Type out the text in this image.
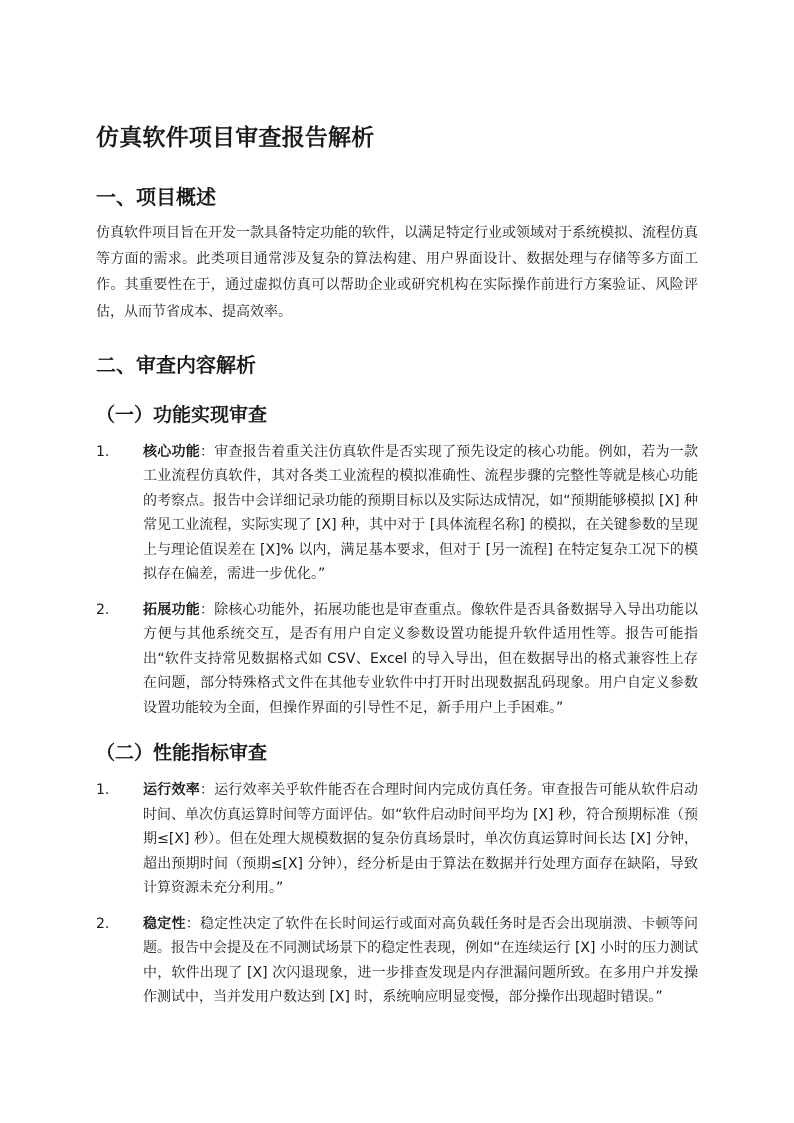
仿真软件项目审查报告解析
一、项目概述

仿真软件项目旨在开发一款具备特定功能的软件，以满足特定行业或领域对于系统模拟、流程仿真等方面的需求。此类项目通常涉及复杂的算法构建、用户界面设计、数据处理与存储等多方面工作。其重要性在于，通过虚拟仿真可以帮助企业或研究机构在实际操作前进行方案验证、风险评估，从而节省成本、提高效率。

二、审查内容解析
（一）功能实现审查
1.	核心功能：审查报告着重关注仿真软件是否实现了预先设定的核心功能。例如，若为一款工业流程仿真软件，其对各类工业流程的模拟准确性、流程步骤的完整性等就是核心功能的考察点。报告中会详细记录功能的预期目标以及实际达成情况，如“预期能够模拟 [X] 种常见工业流程，实际实现了 [X] 种，其中对于 [具体流程名称] 的模拟，在关键参数的呈现上与理论值误差在 [X]% 以内，满足基本要求，但对于 [另一流程] 在特定复杂工况下的模拟存在偏差，需进一步优化。”
2.	拓展功能：除核心功能外，拓展功能也是审查重点。像软件是否具备数据导入导出功能以方便与其他系统交互，是否有用户自定义参数设置功能提升软件适用性等。报告可能指出“软件支持常见数据格式如 CSV、Excel 的导入导出，但在数据导出的格式兼容性上存在问题，部分特殊格式文件在其他专业软件中打开时出现数据乱码现象。用户自定义参数设置功能较为全面，但操作界面的引导性不足，新手用户上手困难。”
（二）性能指标审查
1.	运行效率：运行效率关乎软件能否在合理时间内完成仿真任务。审查报告可能从软件启动时间、单次仿真运算时间等方面评估。如“软件启动时间平均为 [X] 秒，符合预期标准（预期≤[X] 秒）。但在处理大规模数据的复杂仿真场景时，单次仿真运算时间长达 [X] 分钟，超出预期时间（预期≤[X] 分钟），经分析是由于算法在数据并行处理方面存在缺陷，导致计算资源未充分利用。”
2.	稳定性：稳定性决定了软件在长时间运行或面对高负载任务时是否会出现崩溃、卡顿等问题。报告中会提及在不同测试场景下的稳定性表现，例如“在连续运行 [X] 小时的压力测试中，软件出现了 [X] 次闪退现象，进一步排查发现是内存泄漏问题所致。在多用户并发操作测试中，当并发用户数达到 [X] 时，系统响应明显变慢，部分操作出现超时错误。”
